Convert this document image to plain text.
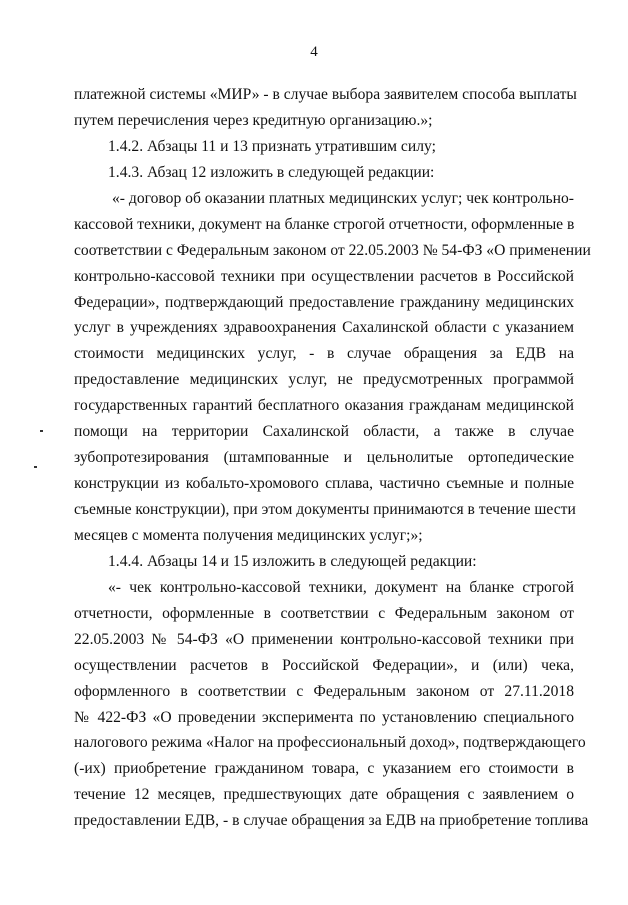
4
платежной системы «МИР» - в случае выбора заявителем способа выплаты
путем перечисления через кредитную организацию.»;
1.4.2. Абзацы 11 и 13 признать утратившим силу;
1.4.3. Абзац 12 изложить в следующей редакции:
«- договор об оказании платных медицинских услуг; чек контрольно-
кассовой техники, документ на бланке строгой отчетности, оформленные в
соответствии с Федеральным законом от 22.05.2003 № 54-ФЗ «О применении
контрольно-кассовой техники при осуществлении расчетов в Российской
Федерации», подтверждающий предоставление гражданину медицинских
услуг в учреждениях здравоохранения Сахалинской области с указанием
стоимости медицинских услуг, - в случае обращения за ЕДВ на
предоставление медицинских услуг, не предусмотренных программой
государственных гарантий бесплатного оказания гражданам медицинской
помощи на территории Сахалинской области, а также в случае
зубопротезирования (штампованные и цельнолитые ортопедические
конструкции из кобальто-хромового сплава, частично съемные и полные
съемные конструкции), при этом документы принимаются в течение шести
месяцев с момента получения медицинских услуг;»;
1.4.4. Абзацы 14 и 15 изложить в следующей редакции:
«- чек контрольно-кассовой техники, документ на бланке строгой
отчетности, оформленные в соответствии с Федеральным законом от
22.05.2003 № 54-ФЗ «О применении контрольно-кассовой техники при
осуществлении расчетов в Российской Федерации», и (или) чека,
оформленного в соответствии с Федеральным законом от 27.11.2018
№ 422-ФЗ «О проведении эксперимента по установлению специального
налогового режима «Налог на профессиональный доход», подтверждающего
(-их) приобретение гражданином товара, с указанием его стоимости в
течение 12 месяцев, предшествующих дате обращения с заявлением о
предоставлении ЕДВ, - в случае обращения за ЕДВ на приобретение топлива
